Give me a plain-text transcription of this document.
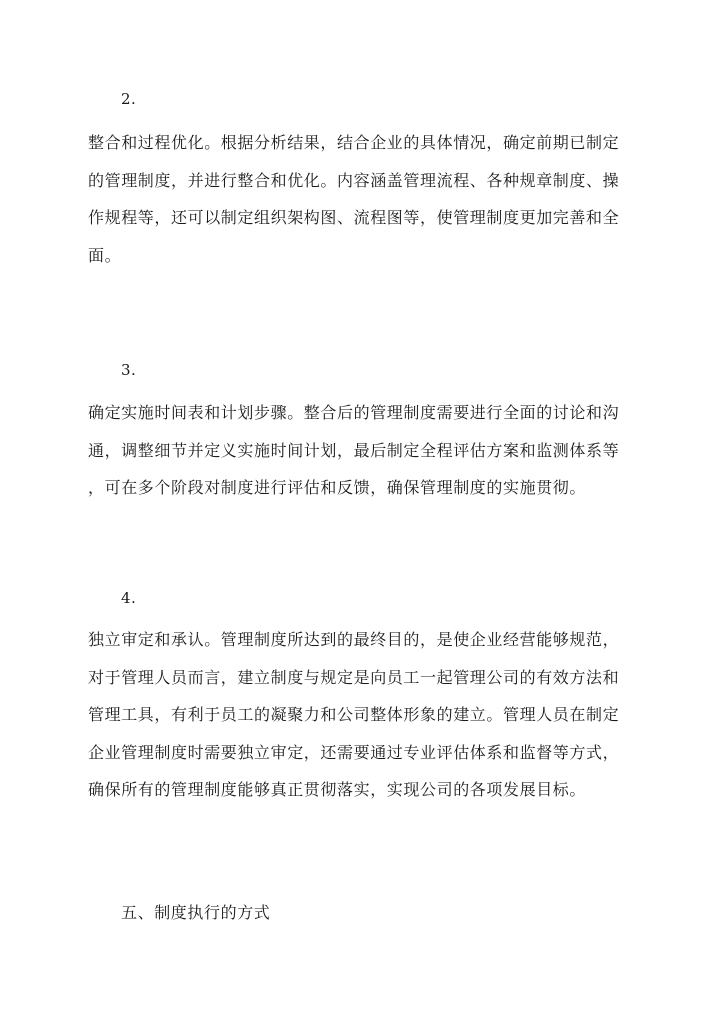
2.
整合和过程优化。根据分析结果，结合企业的具体情况，确定前期已制定
的管理制度，并进行整合和优化。内容涵盖管理流程、各种规章制度、操
作规程等，还可以制定组织架构图、流程图等，使管理制度更加完善和全
面。
3.
确定实施时间表和计划步骤。整合后的管理制度需要进行全面的讨论和沟
通，调整细节并定义实施时间计划，最后制定全程评估方案和监测体系等
，可在多个阶段对制度进行评估和反馈，确保管理制度的实施贯彻。
4.
独立审定和承认。管理制度所达到的最终目的，是使企业经营能够规范，
对于管理人员而言，建立制度与规定是向员工一起管理公司的有效方法和
管理工具，有利于员工的凝聚力和公司整体形象的建立。管理人员在制定
企业管理制度时需要独立审定，还需要通过专业评估体系和监督等方式，
确保所有的管理制度能够真正贯彻落实，实现公司的各项发展目标。
五、制度执行的方式
